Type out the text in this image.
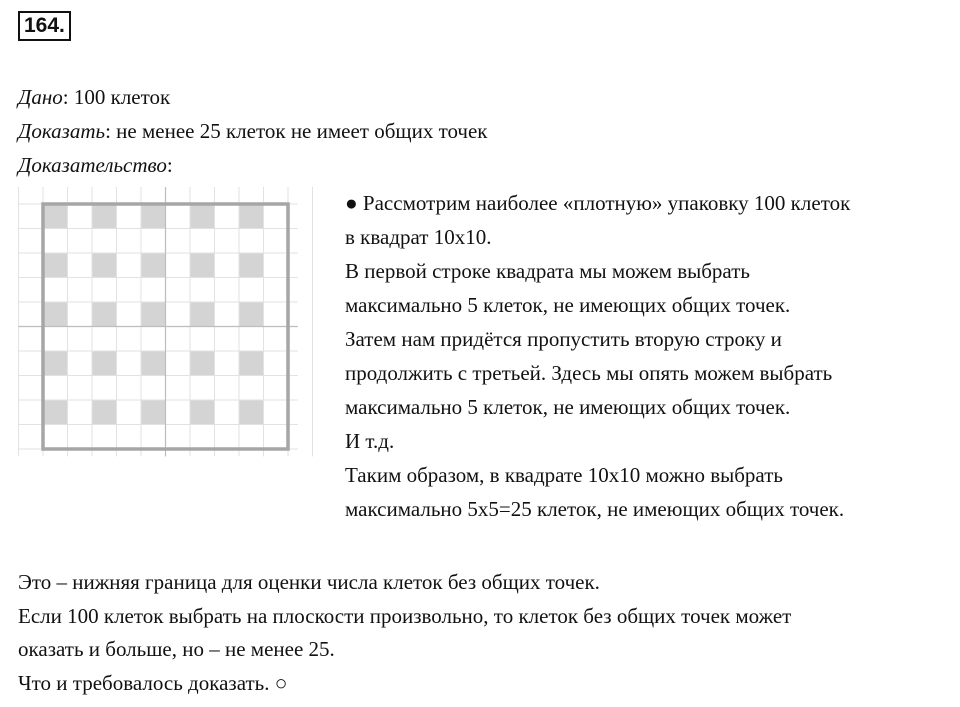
164.
Дано: 100 клеток
Доказать: не менее 25 клеток не имеет общих точек
Доказательство:
● Рассмотрим наиболее «плотную» упаковку 100 клеток
в квадрат 10х10.
В первой строке квадрата мы можем выбрать
максимально 5 клеток, не имеющих общих точек.
Затем нам придётся пропустить вторую строку и
продолжить с третьей. Здесь мы опять можем выбрать
максимально 5 клеток, не имеющих общих точек.
И т.д.
Таким образом, в квадрате 10х10 можно выбрать
максимально 5х5=25 клеток, не имеющих общих точек.
Это – нижняя граница для оценки числа клеток без общих точек.
Если 100 клеток выбрать на плоскости произвольно, то клеток без общих точек может
оказать и больше, но – не менее 25.
Что и требовалось доказать. ○
